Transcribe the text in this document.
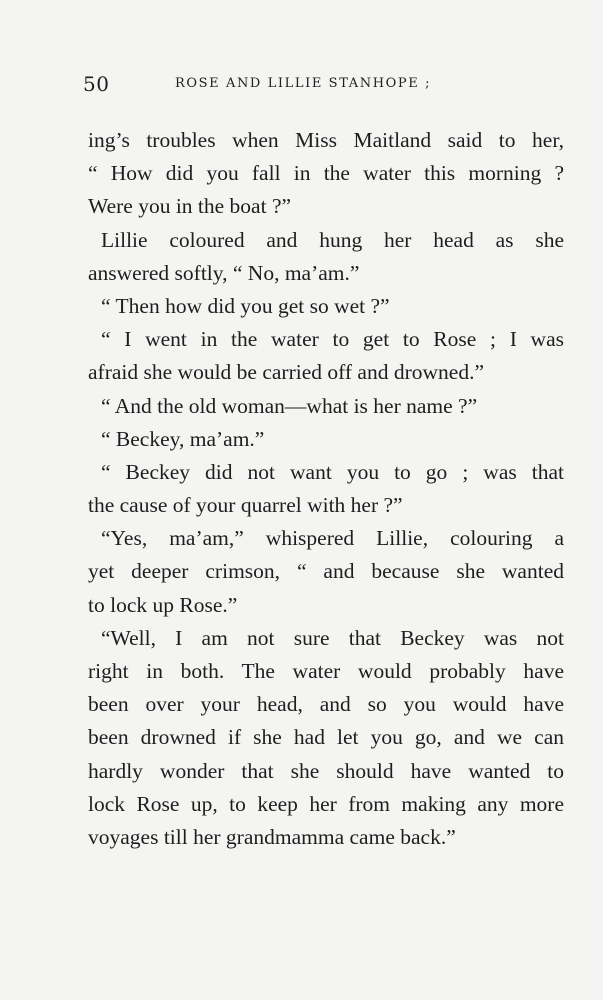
50	ROSE AND LILLIE STANHOPE ;
ing’s troubles when Miss Maitland said to her,
“ How did you fall in the water this morning ?
Were you in the boat ?”
Lillie coloured and hung her head as she
answered softly, “ No, ma’am.”
“ Then how did you get so wet ?”
“ I went in the water to get to Rose ; I was
afraid she would be carried off and drowned.”
“ And the old woman—what is her name ?”
“ Beckey, ma’am.”
“ Beckey did not want you to go ; was that
the cause of your quarrel with her ?”
“Yes, ma’am,” whispered Lillie, colouring a
yet deeper crimson, “ and because she wanted
to lock up Rose.”
“Well, I am not sure that Beckey was not
right in both. The water would probably have
been over your head, and so you would have
been drowned if she had let you go, and we can
hardly wonder that she should have wanted to
lock Rose up, to keep her from making any more
voyages till her grandmamma came back.”
